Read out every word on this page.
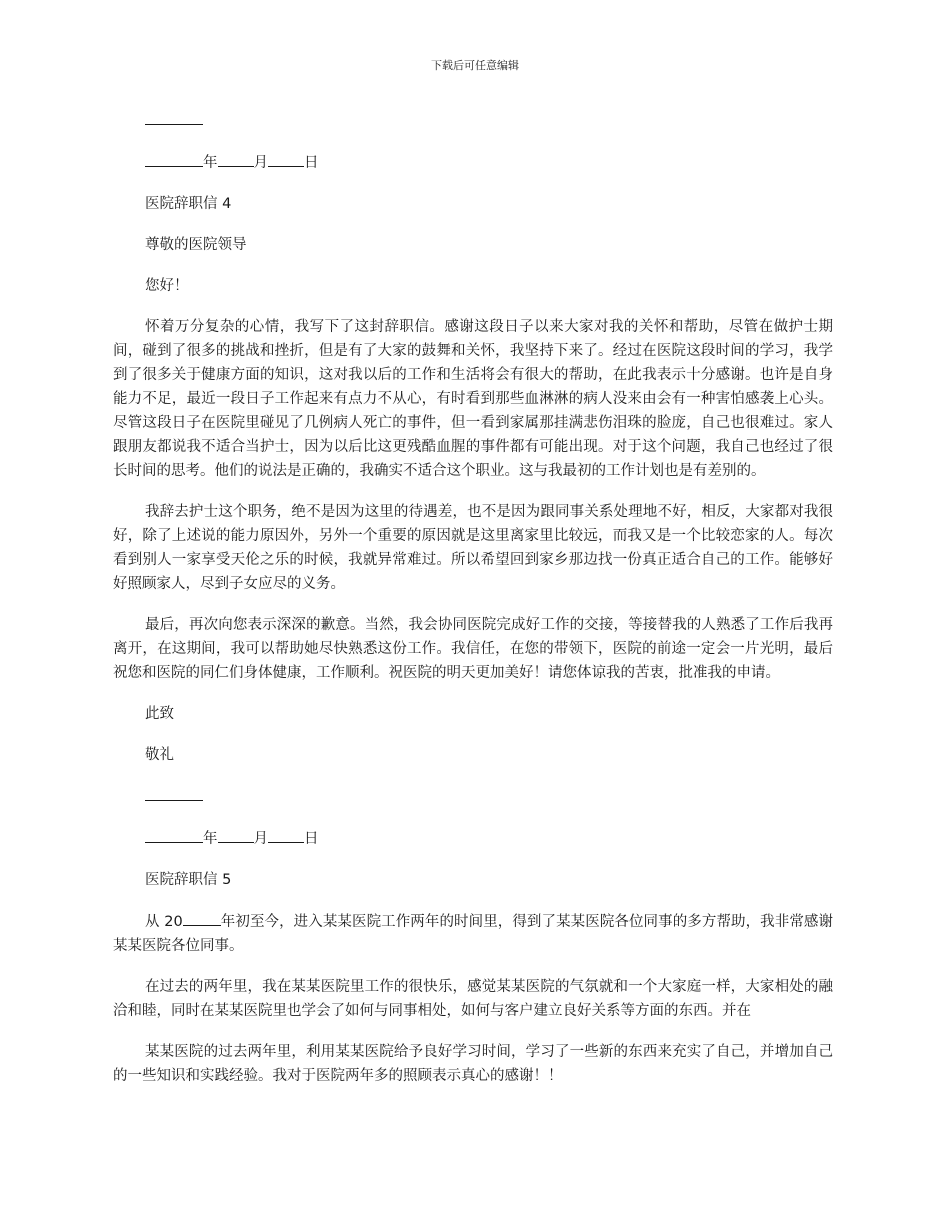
下载后可任意编辑
年 月 日
医院辞职信 4
尊敬的医院领导
您好！

怀着万分复杂的心情，我写下了这封辞职信。感谢这段日子以来大家对我的关怀和帮助，尽管在做护士期间，碰到了很多的挑战和挫折，但是有了大家的鼓舞和关怀，我坚持下来了。经过在医院这段时间的学习，我学到了很多关于健康方面的知识，这对我以后的工作和生活将会有很大的帮助，在此我表示十分感谢。也许是自身能力不足，最近一段日子工作起来有点力不从心，有时看到那些血淋淋的病人没来由会有一种害怕感袭上心头。尽管这段日子在医院里碰见了几例病人死亡的事件，但一看到家属那挂满悲伤泪珠的脸庞，自己也很难过。家人跟朋友都说我不适合当护士，因为以后比这更残酷血腥的事件都有可能出现。对于这个问题，我自己也经过了很长时间的思考。他们的说法是正确的，我确实不适合这个职业。这与我最初的工作计划也是有差别的。

我辞去护士这个职务，绝不是因为这里的待遇差，也不是因为跟同事关系处理地不好，相反，大家都对我很好，除了上述说的能力原因外，另外一个重要的原因就是这里离家里比较远，而我又是一个比较恋家的人。每次看到别人一家享受天伦之乐的时候，我就异常难过。所以希望回到家乡那边找一份真正适合自己的工作。能够好好照顾家人，尽到子女应尽的义务。

最后，再次向您表示深深的歉意。当然，我会协同医院完成好工作的交接，等接替我的人熟悉了工作后我再离开，在这期间，我可以帮助她尽快熟悉这份工作。我信任，在您的带领下，医院的前途一定会一片光明，最后祝您和医院的同仁们身体健康，工作顺利。祝医院的明天更加美好！请您体谅我的苦衷，批准我的申请。

此致
敬礼
年 月 日
医院辞职信 5

从 20	年初至今，进入某某医院工作两年的时间里，得到了某某医院各位同事的多方帮助，我非常感谢某某医院各位同事。

在过去的两年里，我在某某医院里工作的很快乐，感觉某某医院的气氛就和一个大家庭一样，大家相处的融洽和睦，同时在某某医院里也学会了如何与同事相处，如何与客户建立良好关系等方面的东西。并在

某某医院的过去两年里，利用某某医院给予良好学习时间，学习了一些新的东西来充实了自己，并增加自己的一些知识和实践经验。我对于医院两年多的照顾表示真心的感谢！！
